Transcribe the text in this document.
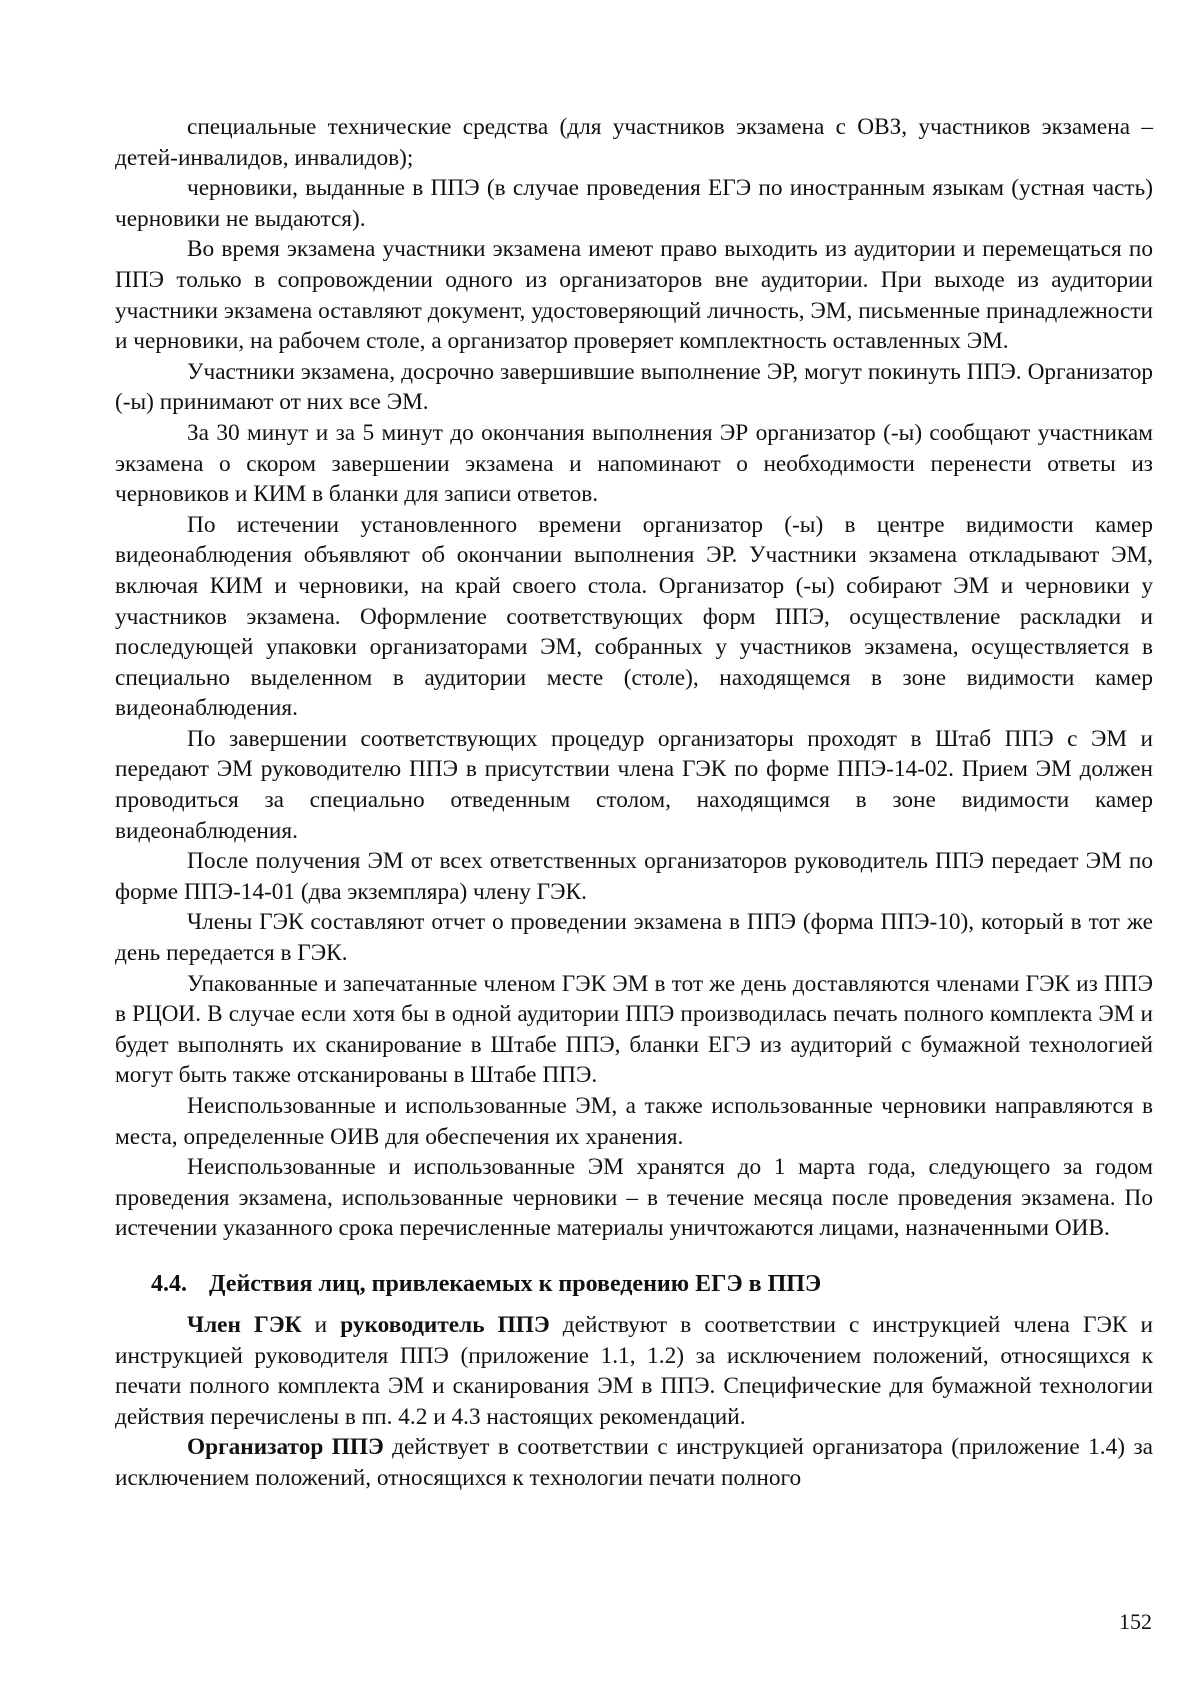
специальные технические средства (для участников экзамена с ОВЗ, участников экзамена – детей-инвалидов, инвалидов);

черновики, выданные в ППЭ (в случае проведения ЕГЭ по иностранным языкам (устная часть) черновики не выдаются).

Во время экзамена участники экзамена имеют право выходить из аудитории и перемещаться по ППЭ только в сопровождении одного из организаторов вне аудитории. При выходе из аудитории участники экзамена оставляют документ, удостоверяющий личность, ЭМ, письменные принадлежности и черновики, на рабочем столе, а организатор проверяет комплектность оставленных ЭМ.

Участники экзамена, досрочно завершившие выполнение ЭР, могут покинуть ППЭ. Организатор (-ы) принимают от них все ЭМ.

За 30 минут и за 5 минут до окончания выполнения ЭР организатор (-ы) сообщают участникам экзамена о скором завершении экзамена и напоминают о необходимости перенести ответы из черновиков и КИМ в бланки для записи ответов.

По истечении установленного времени организатор (-ы) в центре видимости камер видеонаблюдения объявляют об окончании выполнения ЭР. Участники экзамена откладывают ЭМ, включая КИМ и черновики, на край своего стола. Организатор (-ы) собирают ЭМ и черновики у участников экзамена. Оформление соответствующих форм ППЭ, осуществление раскладки и последующей упаковки организаторами ЭМ, собранных у участников экзамена, осуществляется в специально выделенном в аудитории месте (столе), находящемся в зоне видимости камер видеонаблюдения.

По завершении соответствующих процедур организаторы проходят в Штаб ППЭ с ЭМ и передают ЭМ руководителю ППЭ в присутствии члена ГЭК по форме ППЭ-14-02. Прием ЭМ должен проводиться за специально отведенным столом, находящимся в зоне видимости камер видеонаблюдения.

После получения ЭМ от всех ответственных организаторов руководитель ППЭ передает ЭМ по форме ППЭ-14-01 (два экземпляра) члену ГЭК.

Члены ГЭК составляют отчет о проведении экзамена в ППЭ (форма ППЭ-10), который в тот же день передается в ГЭК.

Упакованные и запечатанные членом ГЭК ЭМ в тот же день доставляются членами ГЭК из ППЭ в РЦОИ. В случае если хотя бы в одной аудитории ППЭ производилась печать полного комплекта ЭМ и будет выполнять их сканирование в Штабе ППЭ, бланки ЕГЭ из аудиторий с бумажной технологией могут быть также отсканированы в Штабе ППЭ.

Неиспользованные и использованные ЭМ, а также использованные черновики направляются в места, определенные ОИВ для обеспечения их хранения.

Неиспользованные и использованные ЭМ хранятся до 1 марта года, следующего за годом проведения экзамена, использованные черновики – в течение месяца после проведения экзамена. По истечении указанного срока перечисленные материалы уничтожаются лицами, назначенными ОИВ.

4.4. Действия лиц, привлекаемых к проведению ЕГЭ в ППЭ

Член ГЭК и руководитель ППЭ действуют в соответствии с инструкцией члена ГЭК и инструкцией руководителя ППЭ (приложение 1.1, 1.2) за исключением положений, относящихся к печати полного комплекта ЭМ и сканирования ЭМ в ППЭ. Специфические для бумажной технологии действия перечислены в пп. 4.2 и 4.3 настоящих рекомендаций.

Организатор ППЭ действует в соответствии с инструкцией организатора (приложение 1.4) за исключением положений, относящихся к технологии печати полного

152
